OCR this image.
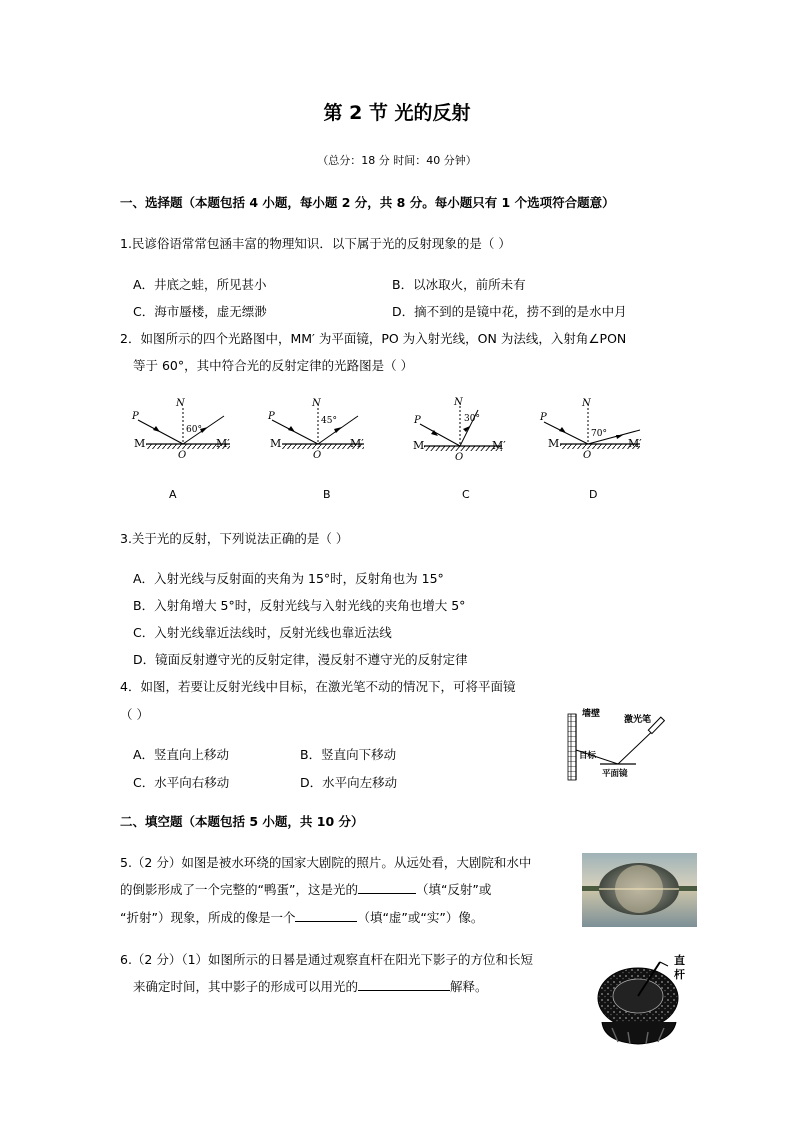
第 2 节 光的反射
（总分：18 分 时间：40 分钟）
一、选择题（本题包括 4 小题，每小题 2 分，共 8 分。每小题只有 1 个选项符合题意）
1.民谚俗语常常包涵丰富的物理知识．以下属于光的反射现象的是（ ）
A．井底之蛙，所见甚小	B．以冰取火，前所未有
C．海市蜃楼，虚无缥渺	D．摘不到的是镜中花，捞不到的是水中月
2．如图所示的四个光路图中，MM′ 为平面镜，PO 为入射光线，ON 为法线，入射角∠PON
等于 60°，其中符合光的反射定律的光路图是（ ）
P
N
60°
M	M′
O
P
N
45°
M	M′
O
P
N
30°
M	M′
O
P
N
70°
M	M′
O
A	B	C	D
3.关于光的反射，下列说法正确的是（ ）
A．入射光线与反射面的夹角为 15°时，反射角也为 15°
B．入射角增大 5°时，反射光线与入射光线的夹角也增大 5°
C．入射光线靠近法线时，反射光线也靠近法线
D．镜面反射遵守光的反射定律，漫反射不遵守光的反射定律
4．如图，若要让反射光线中目标，在激光笔不动的情况下，可将平面镜
（ ）
A．竖直向上移动	B．竖直向下移动
C．水平向右移动	D．水平向左移动
墙壁
激光笔
目标
平面镜
二、填空题（本题包括 5 小题，共 10 分）
5.（2 分）如图是被水环绕的国家大剧院的照片。从远处看，大剧院和水中
的倒影形成了一个完整的“鸭蛋”，这是光的	（填“反射”或
“折射”）现象，所成的像是一个	（填“虚”或“实”）像。
6.（2 分）（1）如图所示的日晷是通过观察直杆在阳光下影子的方位和长短
来确定时间，其中影子的形成可以用光的	解释。
直
杆
